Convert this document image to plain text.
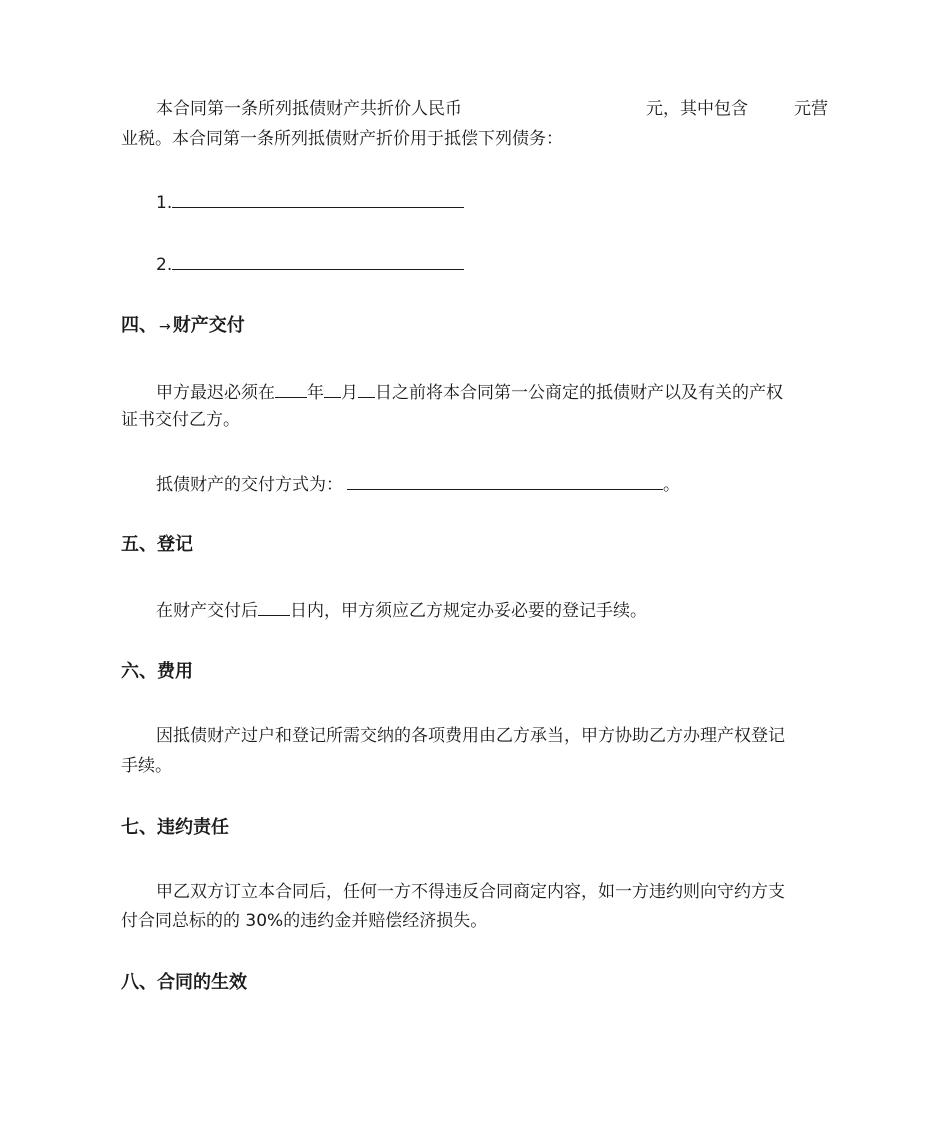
本合同第一条所列抵债财产共折价人民币	元，其中包含	元营
业税。本合同第一条所列抵债财产折价用于抵偿下列债务：
1.
2.
四、 → 财产交付
甲方最迟必须在 年 月 日之前将本合同第一公商定的抵债财产以及有关的产权
证书交付乙方。
抵债财产的交付方式为：	。
五、登记
在财产交付后 日内，甲方须应乙方规定办妥必要的登记手续。
六、费用
因抵债财产过户和登记所需交纳的各项费用由乙方承当，甲方协助乙方办理产权登记
手续。
七、违约责任
甲乙双方订立本合同后，任何一方不得违反合同商定内容，如一方违约则向守约方支
付合同总标的的 30%的违约金并赔偿经济损失。
八、合同的生效
